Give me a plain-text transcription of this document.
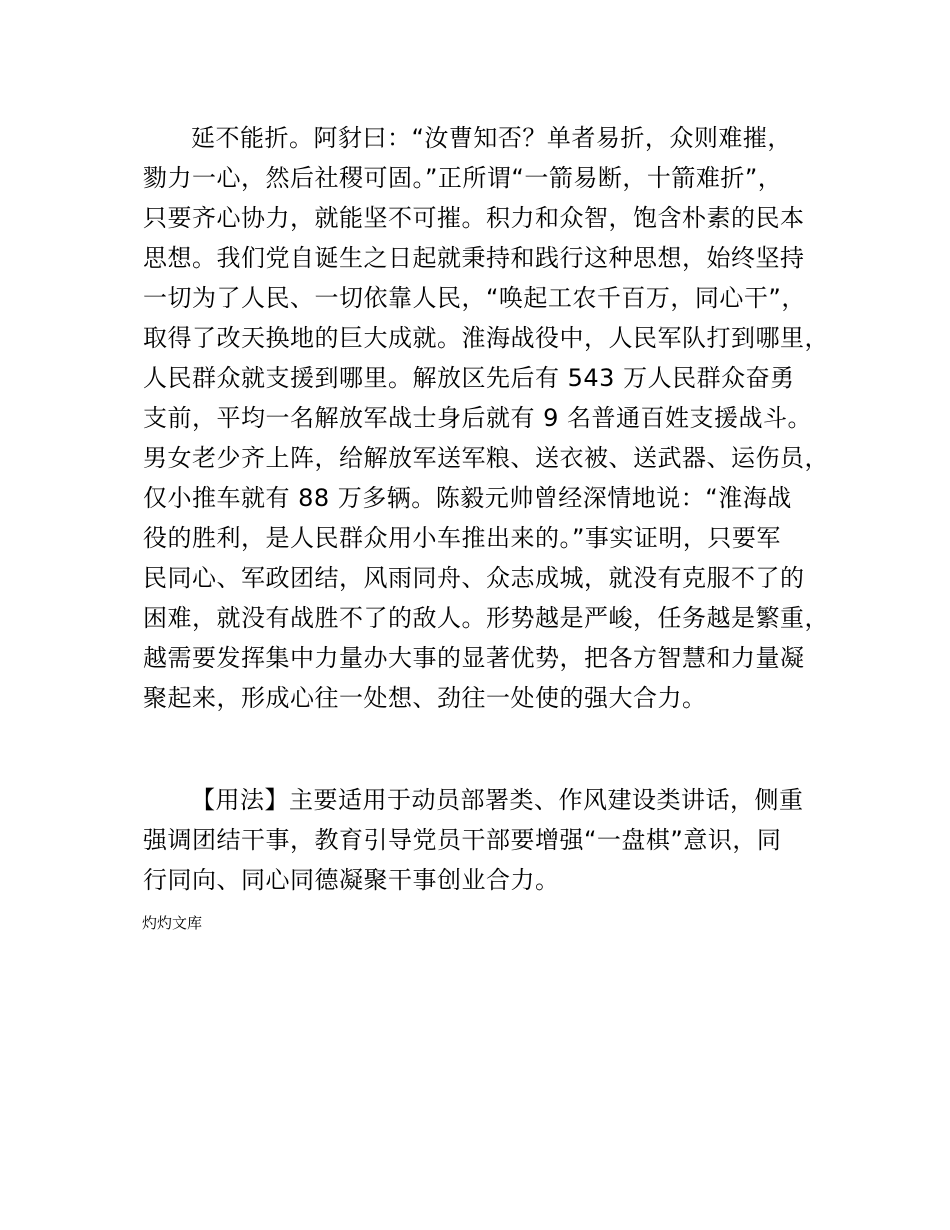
延不能折。阿豺曰：“汝曹知否？单者易折，众则难摧，
勠力一心，然后社稷可固。”正所谓“一箭易断，十箭难折”，
只要齐心协力，就能坚不可摧。积力和众智，饱含朴素的民本
思想。我们党自诞生之日起就秉持和践行这种思想，始终坚持
一切为了人民、一切依靠人民，“唤起工农千百万，同心干”，
取得了改天换地的巨大成就。淮海战役中，人民军队打到哪里，
人民群众就支援到哪里。解放区先后有 543 万人民群众奋勇
支前，平均一名解放军战士身后就有 9 名普通百姓支援战斗。
男女老少齐上阵，给解放军送军粮、送衣被、送武器、运伤员，
仅小推车就有 88 万多辆。陈毅元帅曾经深情地说：“淮海战
役的胜利，是人民群众用小车推出来的。”事实证明，只要军
民同心、军政团结，风雨同舟、众志成城，就没有克服不了的
困难，就没有战胜不了的敌人。形势越是严峻，任务越是繁重，
越需要发挥集中力量办大事的显著优势，把各方智慧和力量凝
聚起来，形成心往一处想、劲往一处使的强大合力。
【用法】主要适用于动员部署类、作风建设类讲话，侧重
强调团结干事，教育引导党员干部要增强“一盘棋”意识，同
行同向、同心同德凝聚干事创业合力。
灼灼文库
